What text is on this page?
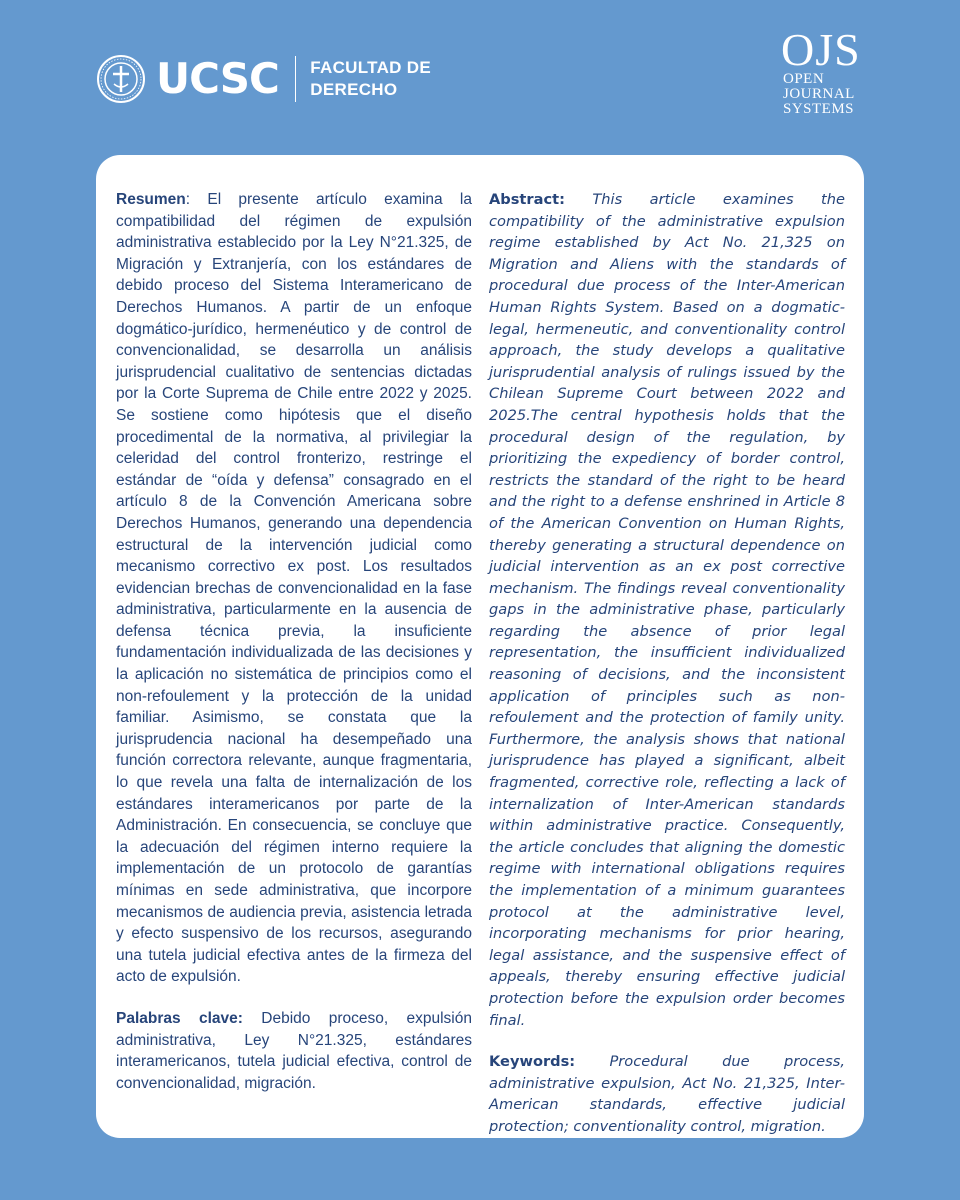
UCSC FACULTAD DE
DERECHO
OJS
OPEN
JOURNAL
SYSTEMS

Resumen: El presente artículo examina la compatibilidad del régimen de expulsión administrativa establecido por la Ley N°21.325, de Migración y Extranjería, con los estándares de debido proceso del Sistema Interamericano de Derechos Humanos. A partir de un enfoque dogmático-jurídico, hermenéutico y de control de convencionalidad, se desarrolla un análisis jurisprudencial cualitativo de sentencias dictadas por la Corte Suprema de Chile entre 2022 y 2025. Se sostiene como hipótesis que el diseño procedimental de la normativa, al privilegiar la celeridad del control fronterizo, restringe el estándar de “oída y defensa” consagrado en el artículo 8 de la Convención Americana sobre Derechos Humanos, generando una dependencia estructural de la intervención judicial como mecanismo correctivo ex post. Los resultados evidencian brechas de convencionalidad en la fase administrativa, particularmente en la ausencia de defensa técnica previa, la insuficiente fundamentación individualizada de las decisiones y la aplicación no sistemática de principios como el non-refoulement y la protección de la unidad familiar. Asimismo, se constata que la jurisprudencia nacional ha desempeñado una función correctora relevante, aunque fragmentaria, lo que revela una falta de internalización de los estándares interamericanos por parte de la Administración. En consecuencia, se concluye que la adecuación del régimen interno requiere la implementación de un protocolo de garantías mínimas en sede administrativa, que incorpore mecanismos de audiencia previa, asistencia letrada y efecto suspensivo de los recursos, asegurando una tutela judicial efectiva antes de la firmeza del acto de expulsión.

Palabras clave: Debido proceso, expulsión administrativa, Ley N°21.325, estándares interamericanos, tutela judicial efectiva, control de convencionalidad, migración.

Abstract: This article examines the compatibility of the administrative expulsion regime established by Act No. 21,325 on Migration and Aliens with the standards of procedural due process of the Inter-American Human Rights System. Based on a dogmatic-legal, hermeneutic, and conventionality control approach, the study develops a qualitative jurisprudential analysis of rulings issued by the Chilean Supreme Court between 2022 and 2025.The central hypothesis holds that the procedural design of the regulation, by prioritizing the expediency of border control, restricts the standard of the right to be heard and the right to a defense enshrined in Article 8 of the American Convention on Human Rights, thereby generating a structural dependence on judicial intervention as an ex post corrective mechanism. The findings reveal conventionality gaps in the administrative phase, particularly regarding the absence of prior legal representation, the insufficient individualized reasoning of decisions, and the inconsistent application of principles such as non-refoulement and the protection of family unity. Furthermore, the analysis shows that national jurisprudence has played a significant, albeit fragmented, corrective role, reflecting a lack of internalization of Inter-American standards within administrative practice. Consequently, the article concludes that aligning the domestic regime with international obligations requires the implementation of a minimum guarantees protocol at the administrative level, incorporating mechanisms for prior hearing, legal assistance, and the suspensive effect of appeals, thereby ensuring effective judicial protection before the expulsion order becomes final.

Keywords: Procedural due process, administrative expulsion, Act No. 21,325, Inter-American standards, effective judicial protection; conventionality control, migration.
